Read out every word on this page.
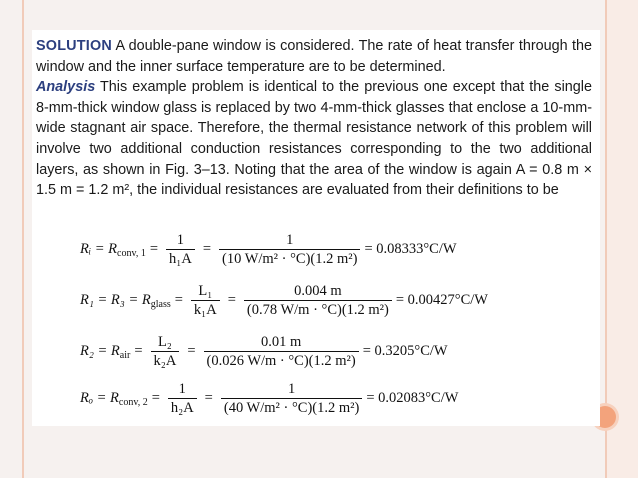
SOLUTION A double-pane window is considered. The rate of heat transfer through the window and the inner surface temperature are to be determined.
Analysis This example problem is identical to the previous one except that the single 8-mm-thick window glass is replaced by two 4-mm-thick glasses that enclose a 10-mm-wide stagnant air space. Therefore, the thermal resistance network of this problem will involve two additional conduction resistances corresponding to the two additional layers, as shown in Fig. 3–13. Noting that the area of the window is again A = 0.8 m × 1.5 m = 1.2 m², the individual resistances are evaluated from their definitions to be
Rᵢ = $R_{conv, 1} = \frac{1}{\text{h₁A}} = \frac{1}{\text{(10 W/m² · °C)(1.2 m²)}} = 0.08333^\circ C/W$
$R_1 = R_3 = R_{glass} = \frac{\text{L₁}}{\text{k₁A}} = \frac{0.004 m}{\text{(0.78 W/m · °C)(1.2 m²)}} = 0.00427^\circ C/W$
$R_2 = R_{air} = \frac{\text{L₂}}{\text{k₂A}} = \frac{0.01 m}{\text{(0.026 W/m · °C)(1.2 m²)}} = 0.3205^\circ C/W$
$R_o = R_{conv, 2} = \frac{1}{\text{h₂A}} = \frac{1}{\text{(40 W/m² · °C)(1.2 m²)}} = 0.02083^\circ C/W$
